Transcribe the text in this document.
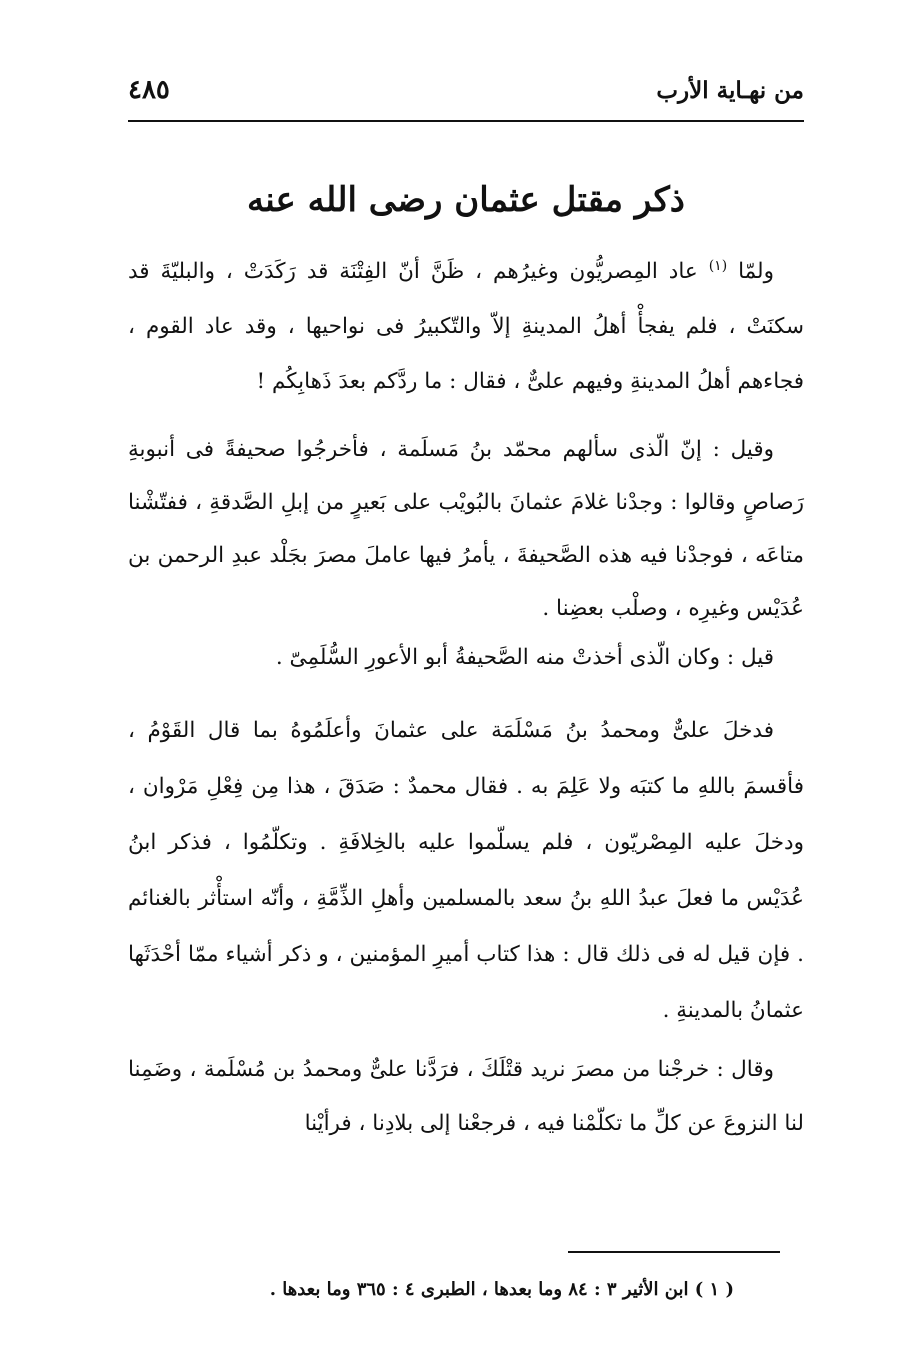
من نهـاية الأرب
٤٨٥
ذكر مقتل عثمان رضى الله عنه

ولمّا $^{(١)}$ عاد المِصريُّون وغيرُهم ، ظَنَّ أنّ الفِتْنَة قد رَكَدَتْ ، والبليّةَ قد سكنَتْ ، فلم يفجأْ أهلُ المدينةِ إلاّ والتّكبيرُ فى نواحيها ، وقد عاد القوم ، فجاءهم أهلُ المدينةِ وفيهم علىٌّ ، فقال : ما ردَّكم بعدَ ذَهابِكُم !

وقيل : إنّ الّذى سألهم محمّد بنُ مَسلَمة ، فأخرجُوا صحيفةً فى أنبوبةِ رَصاصٍ وقالوا : وجدْنا غلامَ عثمانَ بالبُويْب على بَعيرٍ من إبلِ الصَّدقةِ ، ففتّشْنا متاعَه ، فوجدْنا فيه هذه الصَّحيفةَ ، يأمرُ فيها عاملَ مصرَ بجَلْد عبدِ الرحمن بن عُدَيْس وغيرِه ، وصلْب بعضِنا .

قيل : وكان الّذى أخذتْ منه الصَّحيفةُ أبو الأعورِ السُّلَمِىّ .

فدخلَ علىٌّ ومحمدُ بنُ مَسْلَمَة على عثمانَ وأعلَمُوهُ بما قال القَوْمُ ، فأقسمَ باللهِ ما كتبَه ولا عَلِمَ به . فقال محمدٌ : صَدَقَ ، هذا مِن فِعْلِ مَرْوان ، ودخلَ عليه المِصْريّون ، فلم يسلّموا عليه بالخِلافَةِ . وتكلّمُوا ، فذكر ابنُ عُدَيْس ما فعلَ عبدُ اللهِ بنُ سعد بالمسلمين وأهلِ الذِّمَّةِ ، وأنّه استأْثر بالغنائم . فإن قيل له فى ذلك قال : هذا كتاب أميرِ المؤمنين ، و ذكر أشياء ممّا أحْدَثَها عثمانُ بالمدينةِ .

وقال : خرجْنا من مصرَ نريد قتْلَكَ ، فرَدَّنا علىٌّ ومحمدُ بن مُسْلَمة ، وضَمِنا لنا النزوعَ عن كلِّ ما تكلّمْنا فيه ، فرجعْنا إلى بلادِنا ، فرأيْنا

( ١ ) ابن الأثير ٣ : ٨٤ وما بعدها ، الطبرى ٤ : ٣٦٥ وما بعدها .
